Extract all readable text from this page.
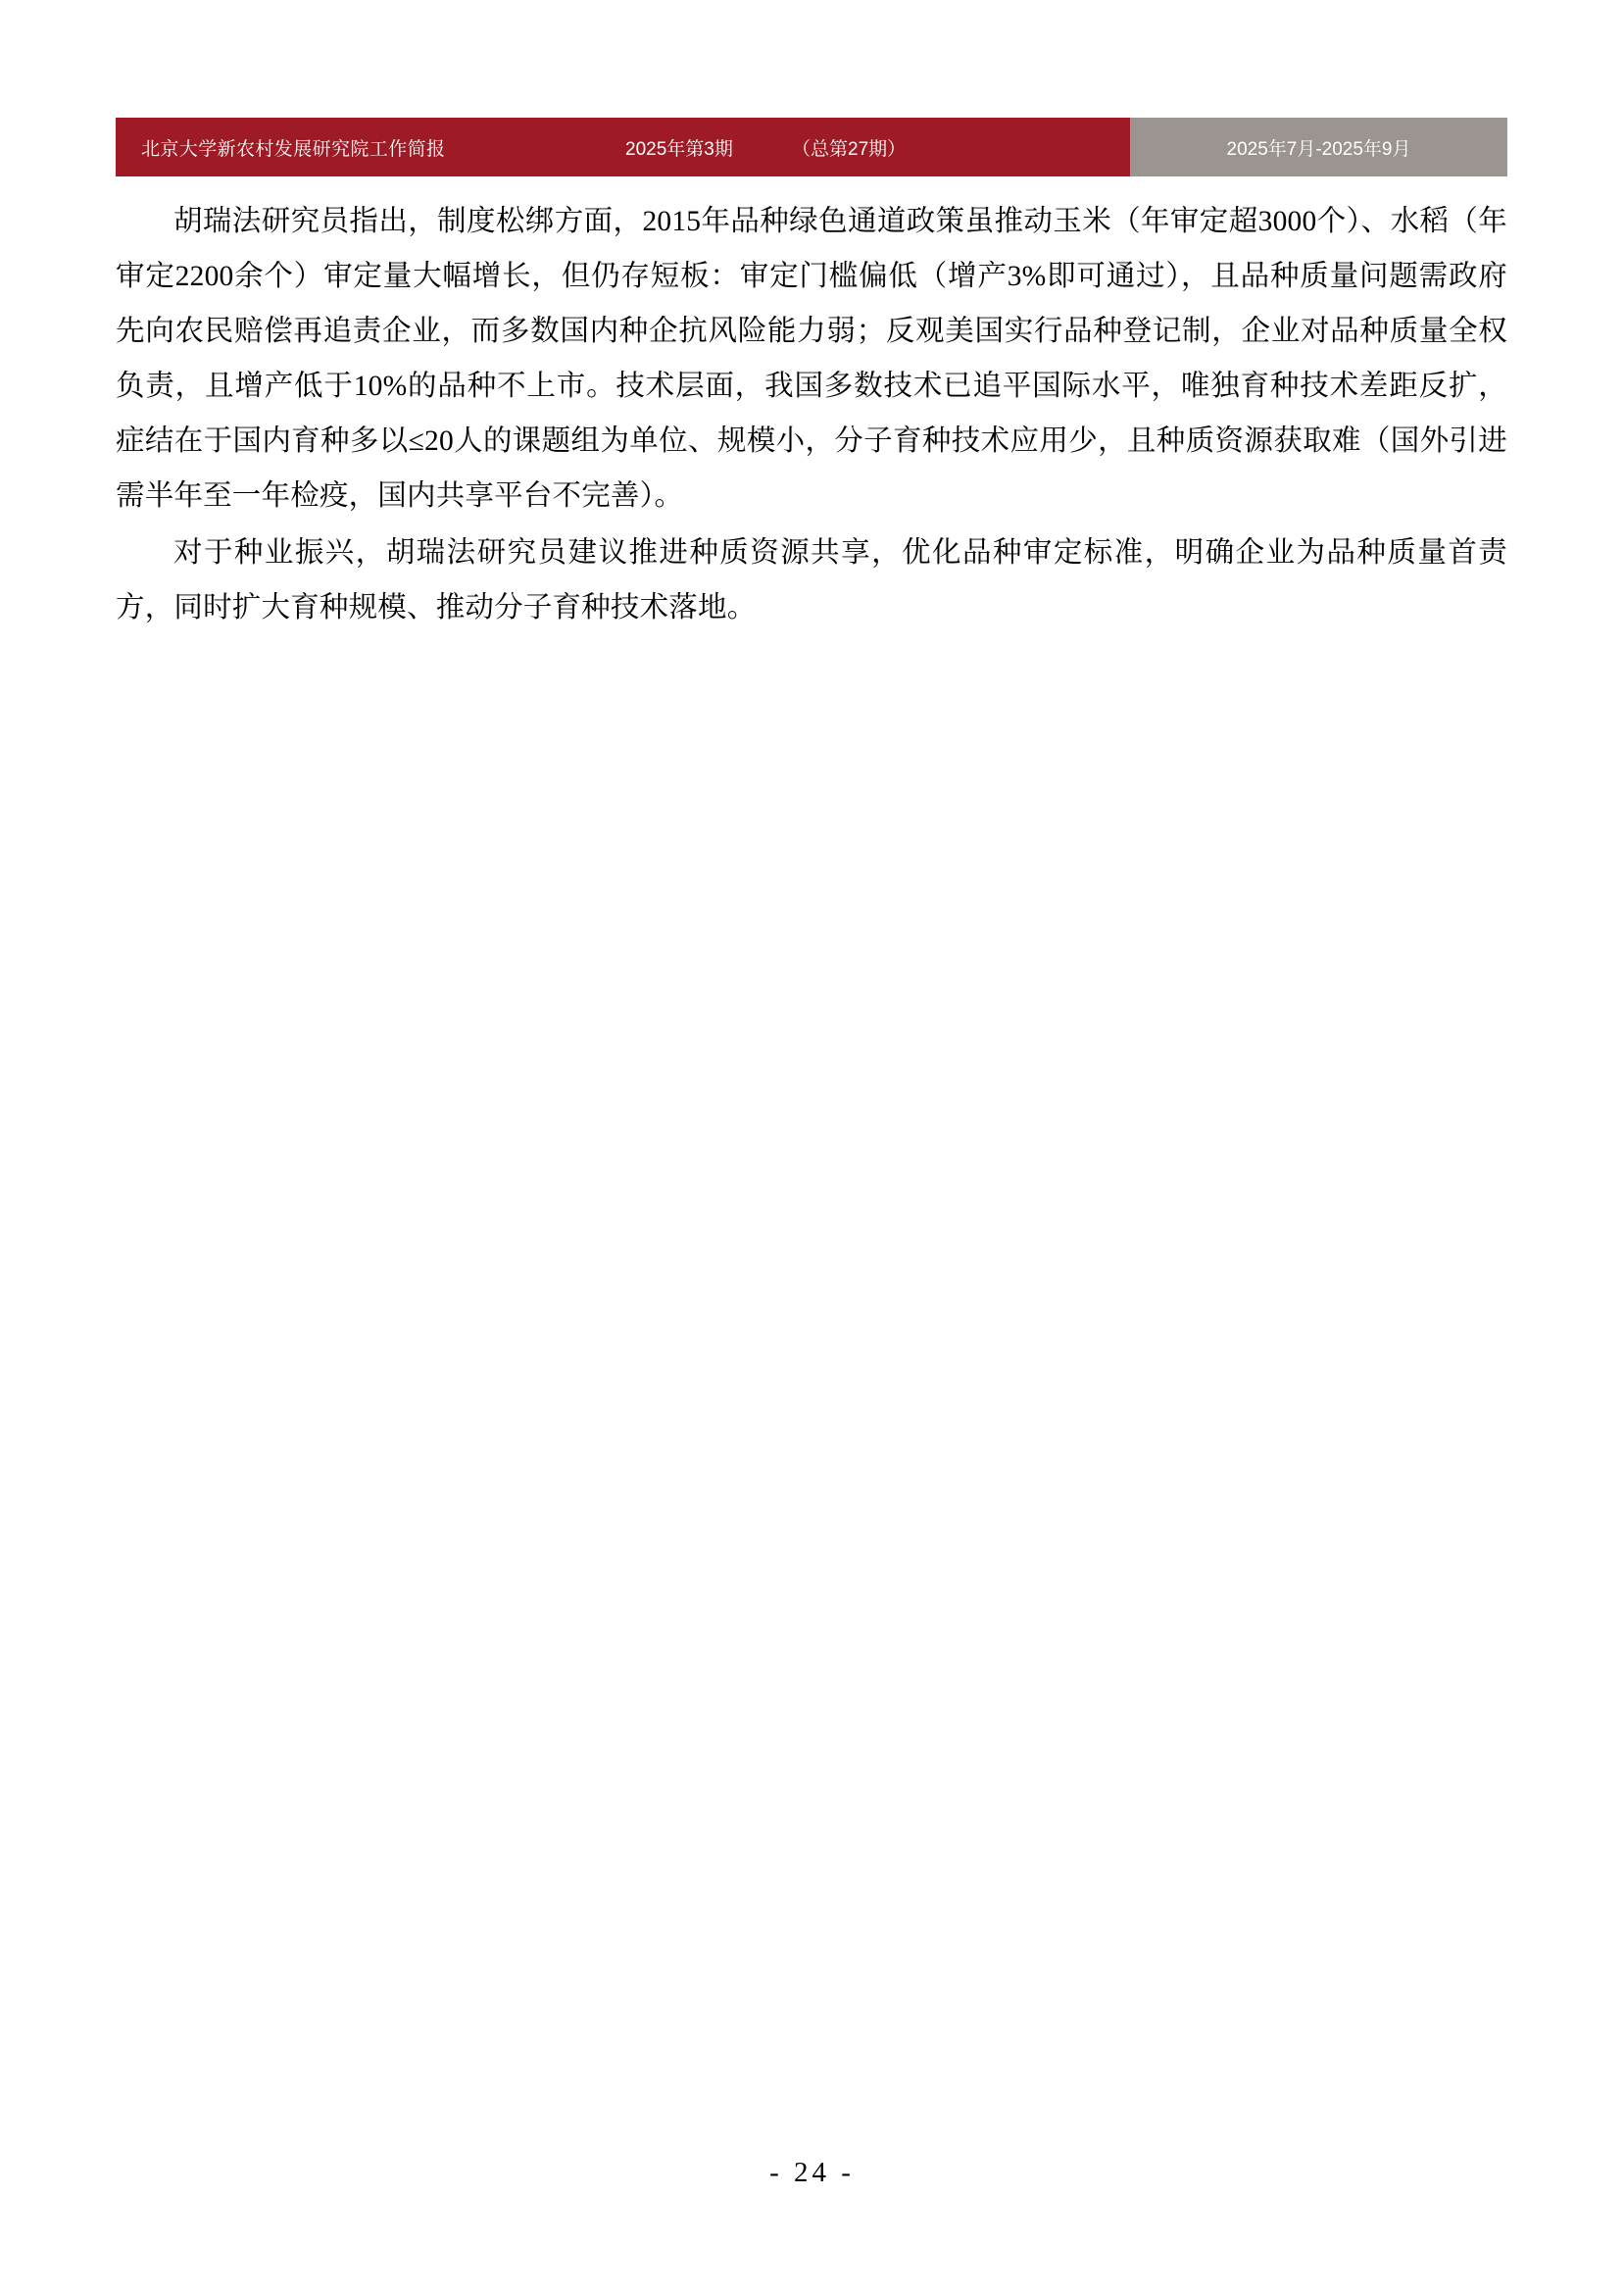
北京大学新农村发展研究院工作简报	2025年第3期	（总第27期）	2025年7月-2025年9月

胡瑞法研究员指出，制度松绑方面，2015年品种绿色通道政策虽推动玉米（年审定超3000个）、水稻（年审定2200余个）审定量大幅增长，但仍存短板：审定门槛偏低（增产3%即可通过），且品种质量问题需政府先向农民赔偿再追责企业，而多数国内种企抗风险能力弱；反观美国实行品种登记制，企业对品种质量全权负责，且增产低于10%的品种不上市。技术层面，我国多数技术已追平国际水平，唯独育种技术差距反扩，症结在于国内育种多以≤20人的课题组为单位、规模小，分子育种技术应用少，且种质资源获取难（国外引进需半年至一年检疫，国内共享平台不完善）。

对于种业振兴，胡瑞法研究员建议推进种质资源共享，优化品种审定标准，明确企业为品种质量首责方，同时扩大育种规模、推动分子育种技术落地。

- 24 -
